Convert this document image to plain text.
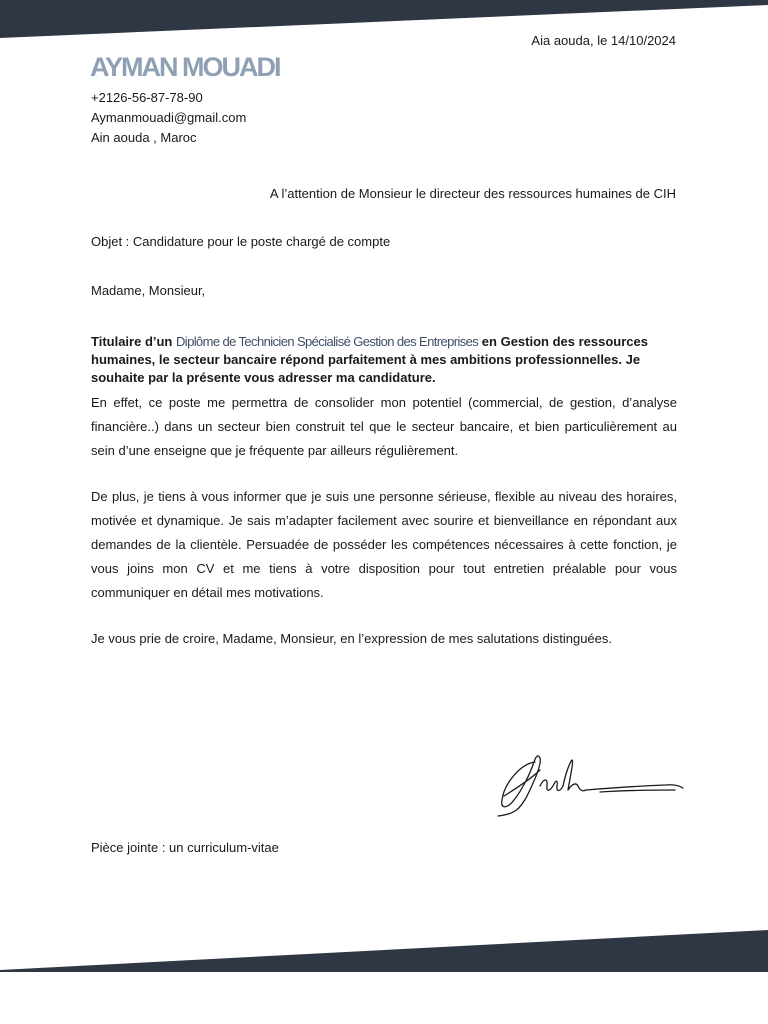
Aia aouda, le 14/10/2024
AYMAN MOUADI
+2126-56-87-78-90
Aymanmouadi@gmail.com
Ain aouda , Maroc
A l’attention de Monsieur le directeur des ressources humaines de CIH
Objet : Candidature pour le poste chargé de compte
Madame, Monsieur,

Titulaire d’un Diplôme de Technicien Spécialisé Gestion des Entreprises en Gestion des ressources humaines, le secteur bancaire répond parfaitement à mes ambitions professionnelles. Je souhaite par la présente vous adresser ma candidature.

En effet, ce poste me permettra de consolider mon potentiel (commercial, de gestion, d’analyse financière..) dans un secteur bien construit tel que le secteur bancaire, et bien particulièrement au sein d’une enseigne que je fréquente par ailleurs régulièrement.

De plus, je tiens à vous informer que je suis une personne sérieuse, flexible au niveau des horaires, motivée et dynamique. Je sais m’adapter facilement avec sourire et bienveillance en répondant aux demandes de la clientèle. Persuadée de posséder les compétences nécessaires à cette fonction, je vous joins mon CV et me tiens à votre disposition pour tout entretien préalable pour vous communiquer en détail mes motivations.

Je vous prie de croire, Madame, Monsieur, en l’expression de mes salutations distinguées.

Pièce jointe : un curriculum-vitae
